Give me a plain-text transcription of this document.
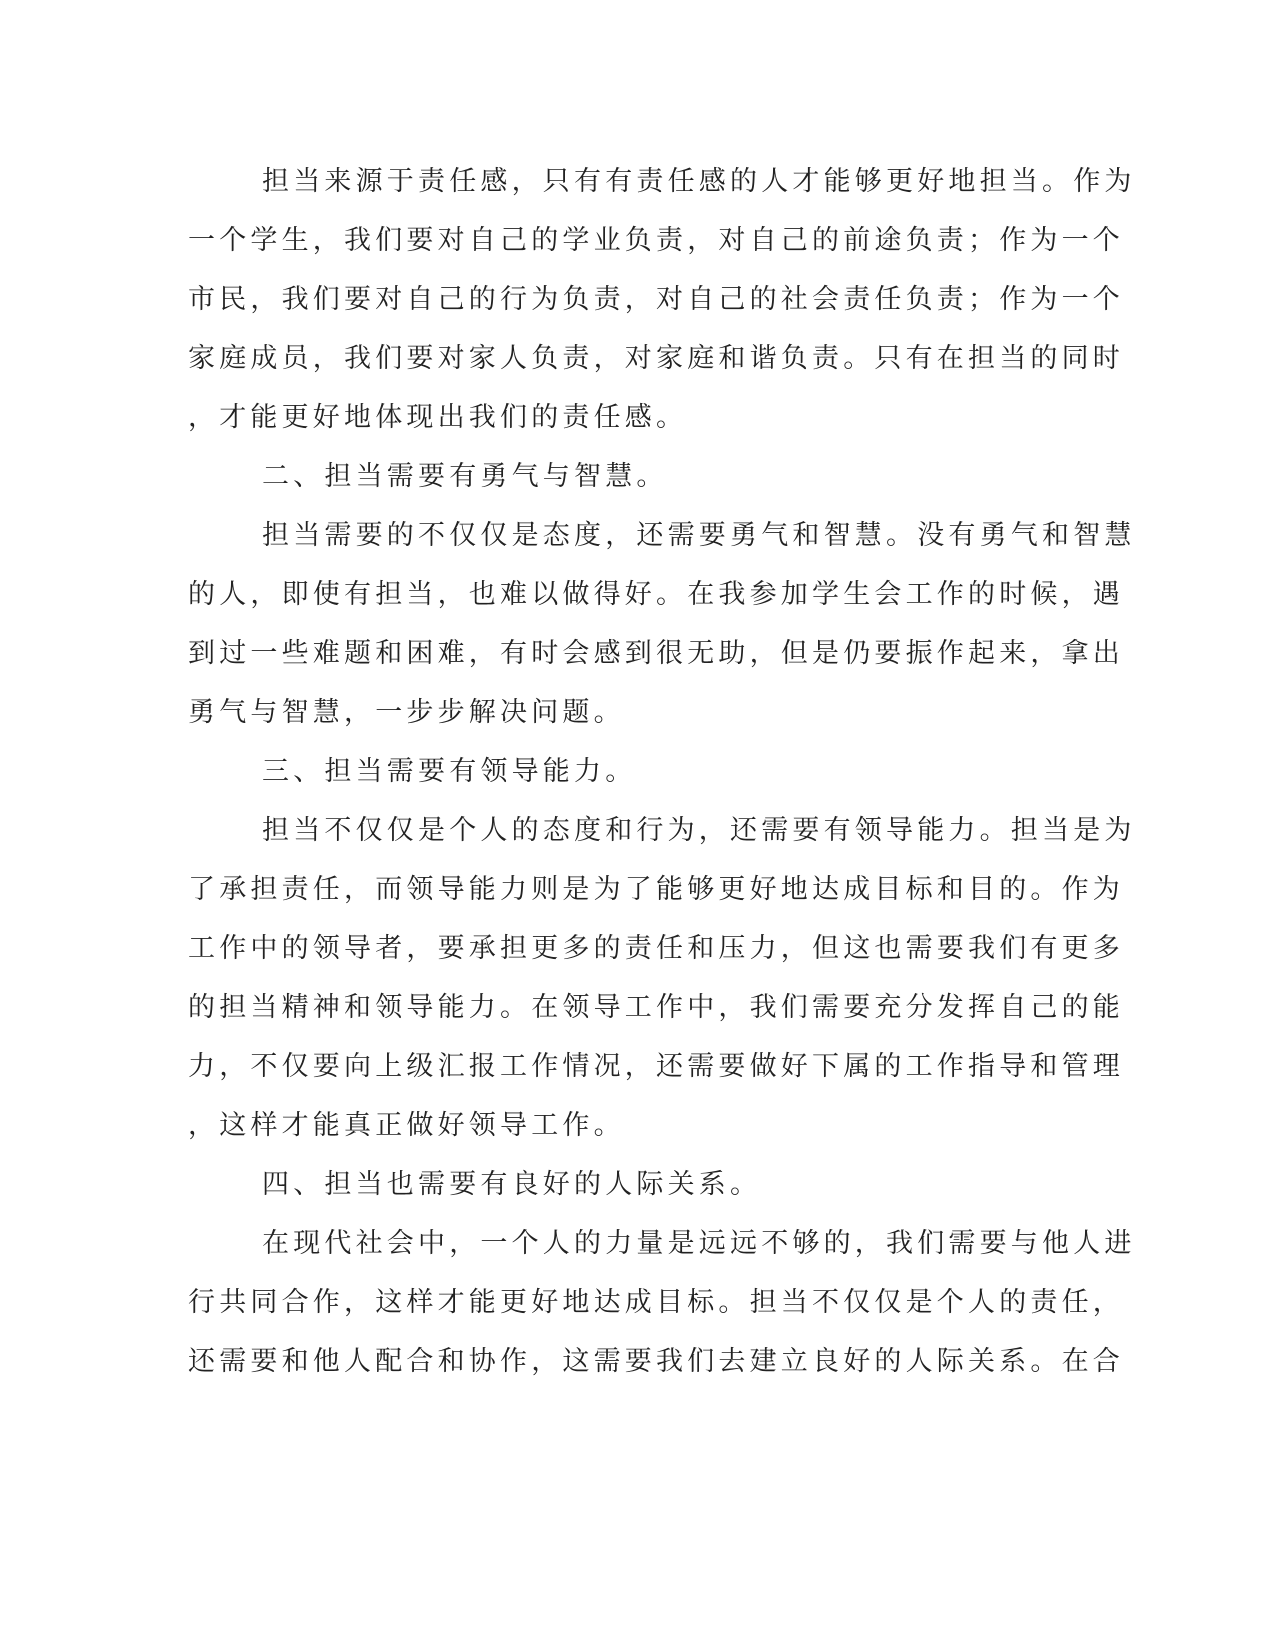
担当来源于责任感，只有有责任感的人才能够更好地担当。作为
一个学生，我们要对自己的学业负责，对自己的前途负责；作为一个
市民，我们要对自己的行为负责，对自己的社会责任负责；作为一个
家庭成员，我们要对家人负责，对家庭和谐负责。只有在担当的同时
，才能更好地体现出我们的责任感。
二、担当需要有勇气与智慧。
担当需要的不仅仅是态度，还需要勇气和智慧。没有勇气和智慧
的人，即使有担当，也难以做得好。在我参加学生会工作的时候，遇
到过一些难题和困难，有时会感到很无助，但是仍要振作起来，拿出
勇气与智慧，一步步解决问题。
三、担当需要有领导能力。
担当不仅仅是个人的态度和行为，还需要有领导能力。担当是为
了承担责任，而领导能力则是为了能够更好地达成目标和目的。作为
工作中的领导者，要承担更多的责任和压力，但这也需要我们有更多
的担当精神和领导能力。在领导工作中，我们需要充分发挥自己的能
力，不仅要向上级汇报工作情况，还需要做好下属的工作指导和管理
，这样才能真正做好领导工作。
四、担当也需要有良好的人际关系。
在现代社会中，一个人的力量是远远不够的，我们需要与他人进
行共同合作，这样才能更好地达成目标。担当不仅仅是个人的责任，
还需要和他人配合和协作，这需要我们去建立良好的人际关系。在合
